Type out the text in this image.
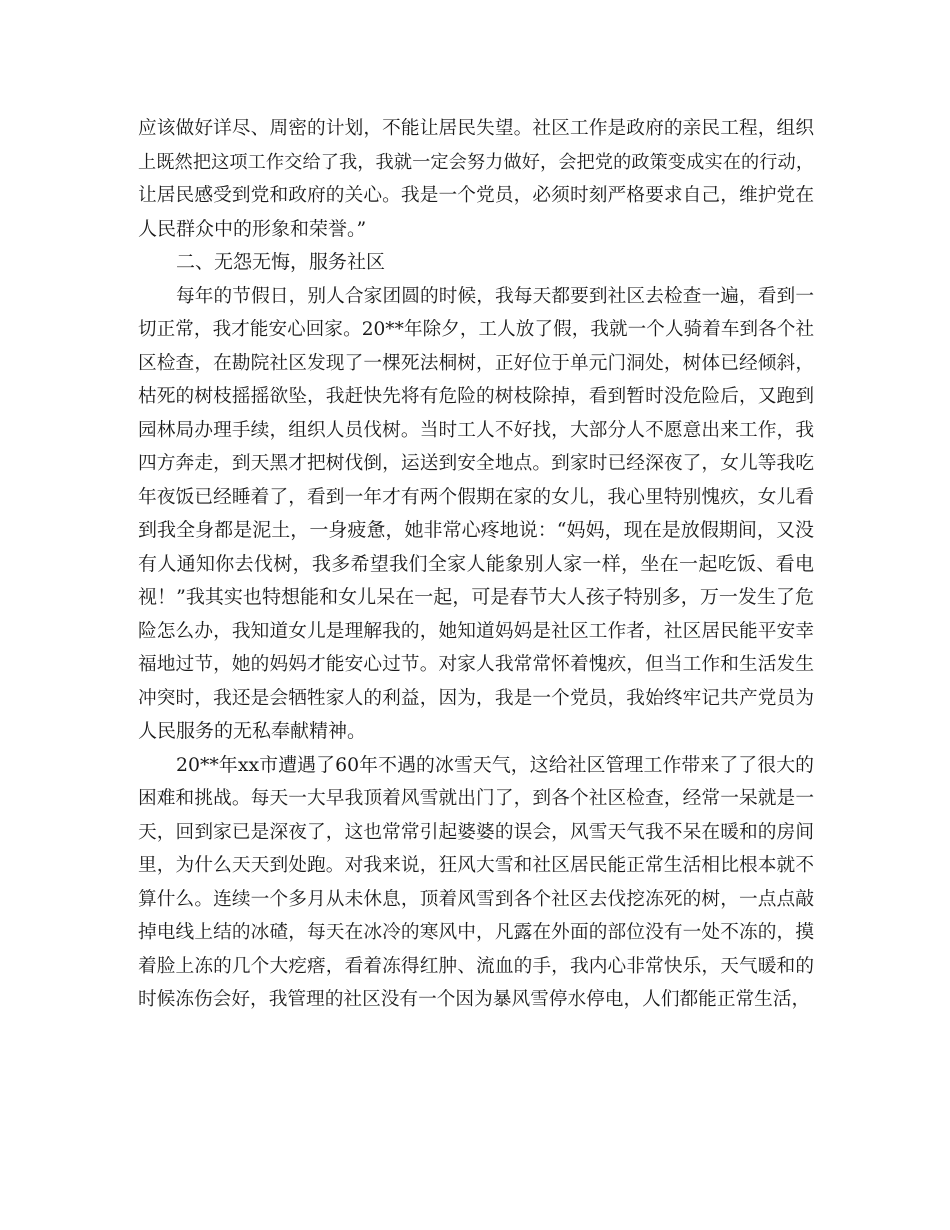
应该做好详尽、周密的计划，不能让居民失望。社区工作是政府的亲民工程，组织
上既然把这项工作交给了我，我就一定会努力做好，会把党的政策变成实在的行动，
让居民感受到党和政府的关心。我是一个党员，必须时刻严格要求自己，维护党在
人民群众中的形象和荣誉。”
二、无怨无悔，服务社区
每年的节假日，别人合家团圆的时候，我每天都要到社区去检查一遍，看到一
切正常，我才能安心回家。20**年除夕，工人放了假，我就一个人骑着车到各个社
区检查，在勘院社区发现了一棵死法桐树，正好位于单元门洞处，树体已经倾斜，
枯死的树枝摇摇欲坠，我赶快先将有危险的树枝除掉，看到暂时没危险后，又跑到
园林局办理手续，组织人员伐树。当时工人不好找，大部分人不愿意出来工作，我
四方奔走，到天黑才把树伐倒，运送到安全地点。到家时已经深夜了，女儿等我吃
年夜饭已经睡着了，看到一年才有两个假期在家的女儿，我心里特别愧疚，女儿看
到我全身都是泥土，一身疲惫，她非常心疼地说：“妈妈，现在是放假期间，又没
有人通知你去伐树，我多希望我们全家人能象别人家一样，坐在一起吃饭、看电
视！”我其实也特想能和女儿呆在一起，可是春节大人孩子特别多，万一发生了危
险怎么办，我知道女儿是理解我的，她知道妈妈是社区工作者，社区居民能平安幸
福地过节，她的妈妈才能安心过节。对家人我常常怀着愧疚，但当工作和生活发生
冲突时，我还是会牺牲家人的利益，因为，我是一个党员，我始终牢记共产党员为
人民服务的无私奉献精神。
20**年xx市遭遇了60年不遇的冰雪天气，这给社区管理工作带来了了很大的
困难和挑战。每天一大早我顶着风雪就出门了，到各个社区检查，经常一呆就是一
天，回到家已是深夜了，这也常常引起婆婆的误会，风雪天气我不呆在暖和的房间
里，为什么天天到处跑。对我来说，狂风大雪和社区居民能正常生活相比根本就不
算什么。连续一个多月从未休息，顶着风雪到各个社区去伐挖冻死的树，一点点敲
掉电线上结的冰碴，每天在冰冷的寒风中，凡露在外面的部位没有一处不冻的，摸
着脸上冻的几个大疙瘩，看着冻得红肿、流血的手，我内心非常快乐，天气暖和的
时候冻伤会好，我管理的社区没有一个因为暴风雪停水停电，人们都能正常生活，
